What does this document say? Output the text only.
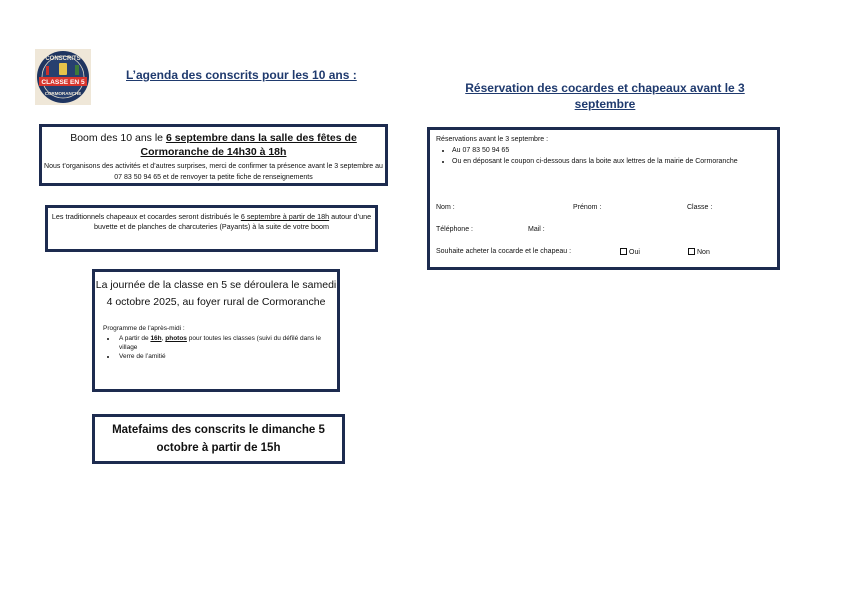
CONSCRITS
CLASSE EN 5
CORMORANCHE
L’agenda des conscrits pour les 10 ans :
Réservation des cocardes et chapeaux avant le 3 septembre
Boom des 10 ans le 6 septembre dans la salle des fêtes de Cormoranche de 14h30 à 18h
Nous t’organisons des activités et d’autres surprises, merci de confirmer ta présence avant le 3 septembre au 07 83 50 94 65 et de renvoyer ta petite fiche de renseignements
Les traditionnels chapeaux et cocardes seront distribués le 6 septembre à partir de 18h autour d’une buvette et de planches de charcuteries (Payants) à la suite de votre boom
La journée de la classe en 5 se déroulera le samedi 4 octobre 2025, au foyer rural de Cormoranche
Programme de l’après-midi :
• A partir de 16h, photos pour toutes les classes (suivi du défilé dans le village
• Verre de l’amitié
Matefaims des conscrits le dimanche 5 octobre à partir de 15h
Réservations avant le 3 septembre :
• Au 07 83 50 94 65
• Ou en déposant le coupon ci-dessous dans la boite aux lettres de la mairie de Cormoranche
Nom :	Prénom :	Classe :
Téléphone :	Mail :
Souhaite acheter la cocarde et le chapeau :	Oui	Non
